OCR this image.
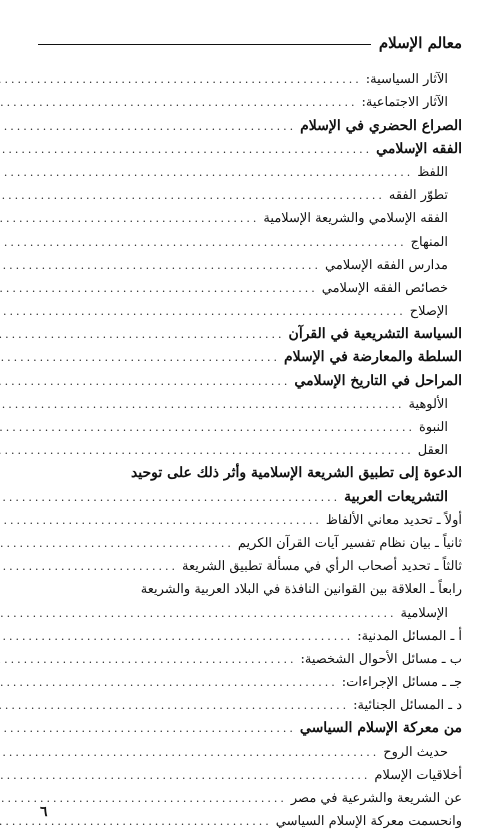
معالم الإسلام
الآثار السياسية:
.....
الآثار الاجتماعية:
.....
الصراع الحضري في الإسلام
.....
الفقه الإسلامي
.....
اللفظ
.....
تطوّر الفقه
.....
الفقه الإسلامي والشريعة الإسلامية
.....
المنهاج
.....
مدارس الفقه الإسلامي
.....
خصائص الفقه الإسلامي
.....
الإصلاح
.....
السياسة التشريعية في القرآن
.....
السلطة والمعارضة في الإسلام
.....
المراحل في التاريخ الإسلامي
.....
الألوهية
.....
النبوة
.....
العقل
.....
الدعوة إلى تطبيق الشريعة الإسلامية وأثر ذلك على توحيد
التشريعات العربية
.....
أولاً ـ تحديد معاني الألفاظ
.....
ثانياً ـ بيان نظام تفسير آيات القرآن الكريم
.....
ثالثاً ـ تحديد أصحاب الرأي في مسألة تطبيق الشريعة
.....
رابعاً ـ العلاقة بين القوانين النافذة في البلاد العربية والشريعة
الإسلامية
.....
أ ـ المسائل المدنية:
.....
ب ـ مسائل الأحوال الشخصية:
.....
جـ ـ مسائل الإجراءات:
.....
د ـ المسائل الجنائية:
.....
من معركة الإسلام السياسي
.....
حديث الروح
.....
أخلاقيات الإسلام
.....
عن الشريعة والشرعية في مصر
.....
وانحسمت معركة الإسلام السياسي
.....
٦
